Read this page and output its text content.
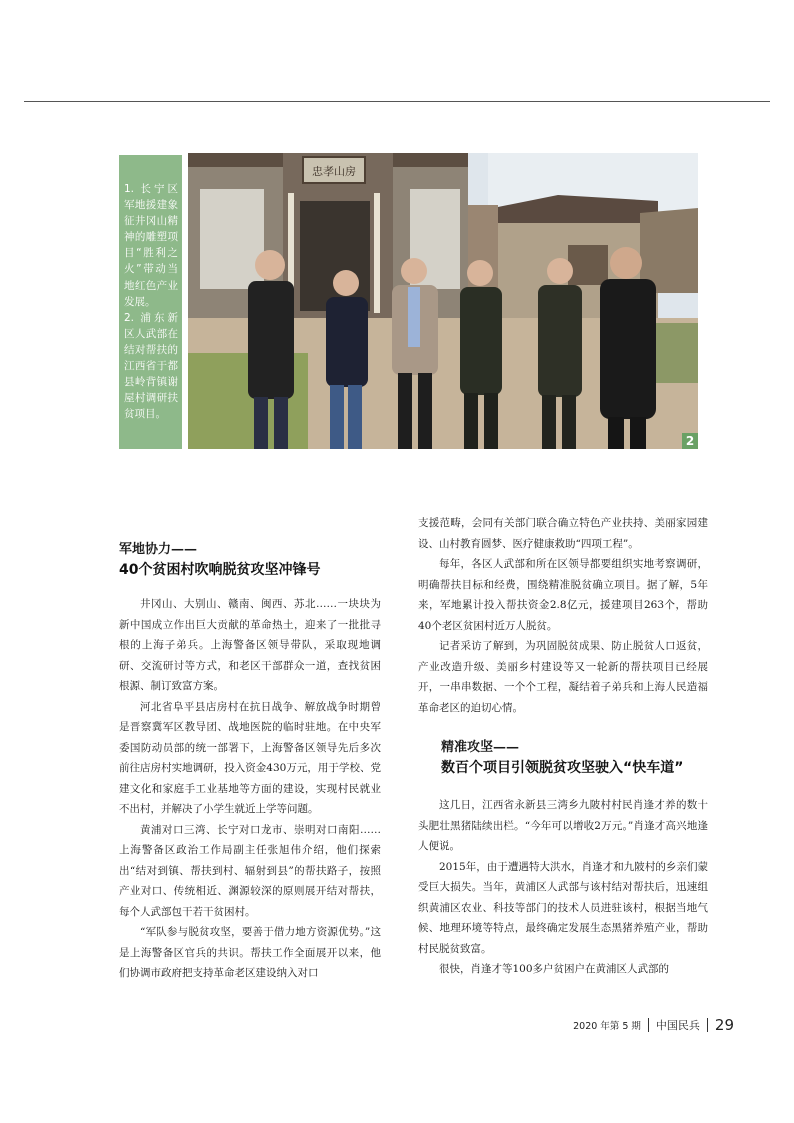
1. 长宁区军地援建象征井冈山精神的雕塑项目“胜利之火”带动当地红色产业发展。

2. 浦东新区人武部在结对帮扶的江西省于都县岭背镇谢屋村调研扶贫项目。

忠孝山房
2
军地协力——
40个贫困村吹响脱贫攻坚冲锋号

井冈山、大别山、赣南、闽西、苏北……一块块为新中国成立作出巨大贡献的革命热土，迎来了一批批寻根的上海子弟兵。上海警备区领导带队，采取现地调研、交流研讨等方式，和老区干部群众一道，查找贫困根源、制订致富方案。

河北省阜平县店房村在抗日战争、解放战争时期曾是晋察冀军区教导团、战地医院的临时驻地。在中央军委国防动员部的统一部署下，上海警备区领导先后多次前往店房村实地调研，投入资金430万元，用于学校、党建文化和家庭手工业基地等方面的建设，实现村民就业不出村，并解决了小学生就近上学等问题。

黄浦对口三湾、长宁对口龙市、崇明对口南阳……上海警备区政治工作局副主任张旭伟介绍，他们探索出“结对到镇、帮扶到村、辐射到县”的帮扶路子，按照产业对口、传统相近、渊源较深的原则展开结对帮扶，每个人武部包干若干贫困村。

“军队参与脱贫攻坚，要善于借力地方资源优势。”这是上海警备区官兵的共识。帮扶工作全面展开以来，他们协调市政府把支持革命老区建设纳入对口

支援范畴，会同有关部门联合确立特色产业扶持、美丽家园建设、山村教育圆梦、医疗健康救助“四项工程”。

每年，各区人武部和所在区领导都要组织实地考察调研，明确帮扶目标和经费，围绕精准脱贫确立项目。据了解，5年来，军地累计投入帮扶资金2.8亿元，援建项目263个，帮助40个老区贫困村近万人脱贫。

记者采访了解到，为巩固脱贫成果、防止脱贫人口返贫，产业改造升级、美丽乡村建设等又一轮新的帮扶项目已经展开，一串串数据、一个个工程，凝结着子弟兵和上海人民造福革命老区的迫切心情。

精准攻坚——
数百个项目引领脱贫攻坚驶入“快车道”

这几日，江西省永新县三湾乡九陂村村民肖逢才养的数十头肥壮黑猪陆续出栏。“今年可以增收2万元。”肖逢才高兴地逢人便说。

2015年，由于遭遇特大洪水，肖逢才和九陂村的乡亲们蒙受巨大损失。当年，黄浦区人武部与该村结对帮扶后，迅速组织黄浦区农业、科技等部门的技术人员进驻该村，根据当地气候、地理环境等特点，最终确定发展生态黑猪养殖产业，帮助村民脱贫致富。

很快，肖逢才等100多户贫困户在黄浦区人武部的

2020 年第 5 期 中国民兵 29
